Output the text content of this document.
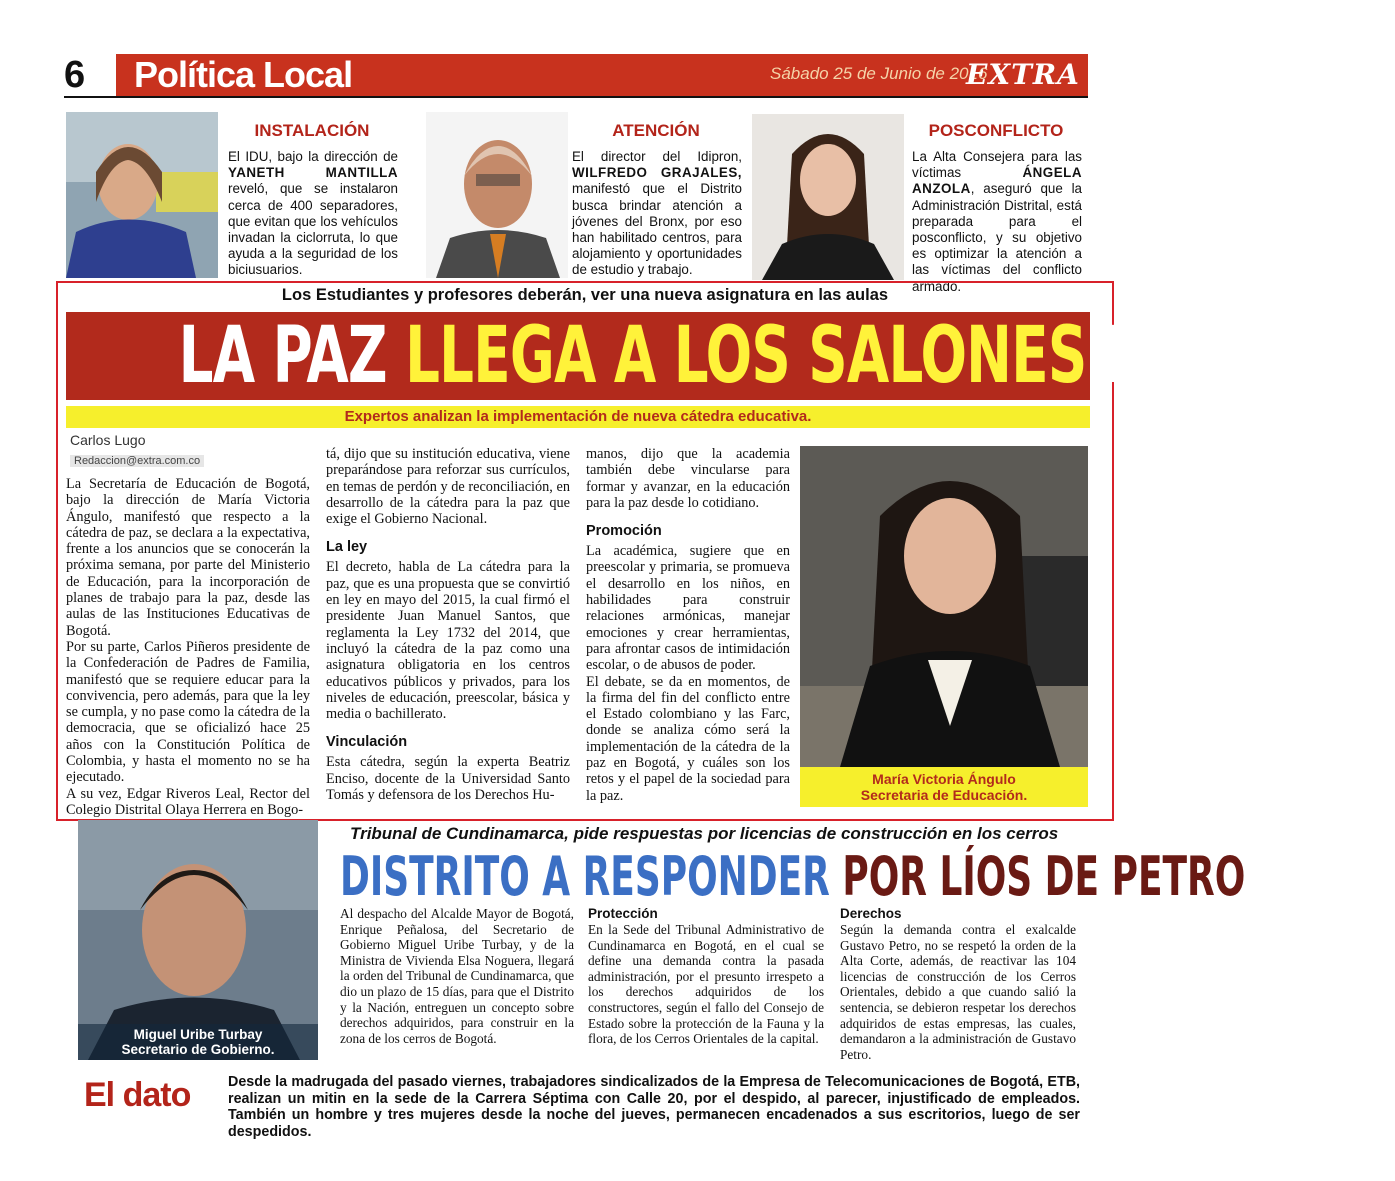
6	Política Local	Sábado 25 de Junio de 2016
EXTRA
INSTALACIÓN
El IDU, bajo la dirección de YANETH MANTILLA reveló, que se instalaron cerca de 400 separadores, que evitan que los vehículos invadan la ciclorruta, lo que ayuda a la seguridad de los biciusuarios.
ATENCIÓN
El director del Idipron, WILFREDO GRAJALES, manifestó que el Distrito busca brindar atención a jóvenes del Bronx, por eso han habilitado centros, para alojamiento y oportunidades de estudio y trabajo.
POSCONFLICTO
La Alta Consejera para las víctimas ÁNGELA ANZOLA, aseguró que la Administración Distrital, está preparada para el posconflicto, y su objetivo es optimizar la atención a las víctimas del conflicto armado.
Los Estudiantes y profesores deberán, ver una nueva asignatura en las aulas
LA PAZ LLEGA A LOS SALONES DE CLASE
Expertos analizan la implementación de nueva cátedra educativa.
Carlos Lugo
Redaccion@extra.com.co

La Secretaría de Educación de Bogotá, bajo la dirección de María Victoria Ángulo, manifestó que respecto a la cátedra de paz, se declara a la expectativa, frente a los anuncios que se conocerán la próxima semana, por parte del Ministerio de Educación, para la incorporación de planes de trabajo para la paz, desde las aulas de las Instituciones Educativas de Bogotá.

Por su parte, Carlos Piñeros presidente de la Confederación de Padres de Familia, manifestó que se requiere educar para la convivencia, pero además, para que la ley se cumpla, y no pase como la cátedra de la democracia, que se oficializó hace 25 años con la Constitución Política de Colombia, y hasta el momento no se ha ejecutado.

A su vez, Edgar Riveros Leal, Rector del Colegio Distrital Olaya Herrera en Bogo-

tá, dijo que su institución educativa, viene preparándose para reforzar sus currículos, en temas de perdón y de reconciliación, en desarrollo de la cátedra para la paz que exige el Gobierno Nacional.

La ley

El decreto, habla de La cátedra para la paz, que es una propuesta que se convirtió en ley en mayo del 2015, la cual firmó el presidente Juan Manuel Santos, que reglamenta la Ley 1732 del 2014, que incluyó la cátedra de la paz como una asignatura obligatoria en los centros educativos públicos y privados, para los niveles de educación, preescolar, básica y media o bachillerato.

Vinculación

Esta cátedra, según la experta Beatriz Enciso, docente de la Universidad Santo Tomás y defensora de los Derechos Hu-

manos, dijo que la academia también debe vincularse para formar y avanzar, en la educación para la paz desde lo cotidiano.

Promoción

La académica, sugiere que en preescolar y primaria, se promueva el desarrollo en los niños, en habilidades para construir relaciones armónicas, manejar emociones y crear herramientas, para afrontar casos de intimidación escolar, o de abusos de poder.

El debate, se da en momentos, de la firma del fin del conflicto entre el Estado colombiano y las Farc, donde se analiza cómo será la implementación de la cátedra de la paz en Bogotá, y cuáles son los retos y el papel de la sociedad para la paz.

María Victoria Ángulo
Secretaria de Educación.
Miguel Uribe Turbay
Secretario de Gobierno.
Tribunal de Cundinamarca, pide respuestas por licencias de construcción en los cerros
DISTRITO A RESPONDER POR LÍOS DE PETRO

Al despacho del Alcalde Mayor de Bogotá, Enrique Peñalosa, del Secretario de Gobierno Miguel Uribe Turbay, y de la Ministra de Vivienda Elsa Noguera, llegará la orden del Tribunal de Cundinamarca, que dio un plazo de 15 días, para que el Distrito y la Nación, entreguen un concepto sobre derechos adquiridos, para construir en la zona de los cerros de Bogotá.

Protección

En la Sede del Tribunal Administrativo de Cundinamarca en Bogotá, en el cual se define una demanda contra la pasada administración, por el presunto irrespeto a los derechos adquiridos de los constructores, según el fallo del Consejo de Estado sobre la protección de la Fauna y la flora, de los Cerros Orientales de la capital.

Derechos

Según la demanda contra el exalcalde Gustavo Petro, no se respetó la orden de la Alta Corte, además, de reactivar las 104 licencias de construcción de los Cerros Orientales, debido a que cuando salió la sentencia, se debieron respetar los derechos adquiridos de estas empresas, las cuales, demandaron a la administración de Gustavo Petro.

El dato	Desde la madrugada del pasado viernes, trabajadores sindicalizados de la Empresa de Telecomunicaciones de Bogotá, ETB, realizan un mitin en la sede de la Carrera Séptima con Calle 20, por el despido, al parecer, injustificado de empleados. También un hombre y tres mujeres desde la noche del jueves, permanecen encadenados a sus escritorios, luego de ser despedidos.
